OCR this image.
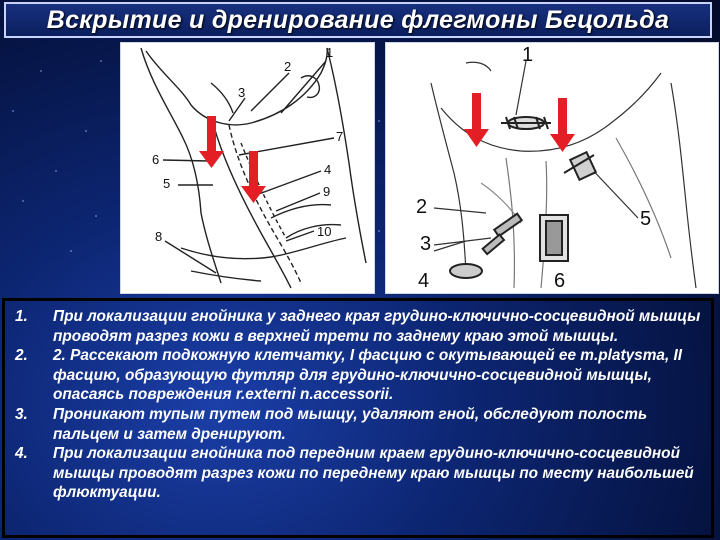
Вскрытие и дренирование флегмоны Бецольда
1
2
3
7
6
5
4
9
10
8
1
2
3
4
5
6
1.	При локализации гнойника у заднего края грудино-ключично-сосцевидной мышцы проводят разрез кожи в верхней трети по заднему краю этой мышцы.
2.	2. Рассекают подкожную клетчатку, I фасцию с окутывающей ее m.platysma, II фасцию, образующую футляр для грудино-ключично-сосцевидной мышцы, опасаясь повреждения r.externi n.accessorii.
3.	Проникают тупым путем под мышцу, удаляют гной, обследуют полость пальцем и затем дренируют.
4.	При локализации гнойника под передним краем грудино-ключично-сосцевидной мышцы проводят разрез кожи по переднему краю мышцы по месту наибольшей флюктуации.
